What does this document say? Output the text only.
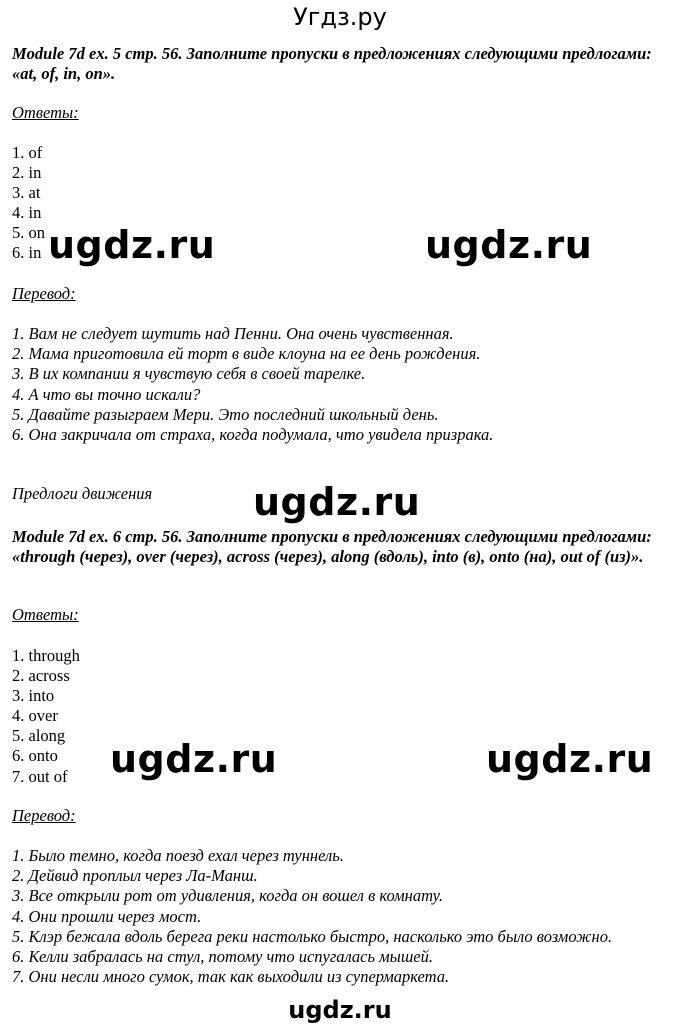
Угдз.ру
Module 7d ex. 5 стр. 56. Заполните пропуски в предложениях следующими предлогами: «at, of, in, on».
Ответы:
1. of
2. in
3. at
4. in
5. on
6. in
Перевод:
1. Вам не следует шутить над Пенни. Она очень чувственная.
2. Мама приготовила ей торт в виде клоуна на ее день рождения.
3. В их компании я чувствую себя в своей тарелке.
4. А что вы точно искали?
5. Давайте разыграем Мери. Это последний школьный день.
6. Она закричала от страха, когда подумала, что увидела призрака.
Предлоги движения
Module 7d ex. 6 стр. 56. Заполните пропуски в предложениях следующими предлогами: «through (через), over (через), across (через), along (вдоль), into (в), onto (на), out of (из)».
Ответы:
1. through
2. across
3. into
4. over
5. along
6. onto
7. out of
Перевод:
1. Было темно, когда поезд ехал через туннель.
2. Дейвид проплыл через Ла-Манш.
3. Все открыли рот от удивления, когда он вошел в комнату.
4. Они прошли через мост.
5. Клэр бежала вдоль берега реки настолько быстро, насколько это было возможно.
6. Келли забралась на стул, потому что испугалась мышей.
7. Они несли много сумок, так как выходили из супермаркета.
ugdz.ru	ugdz.ru
ugdz.ru
ugdz.ru	ugdz.ru
ugdz.ru
